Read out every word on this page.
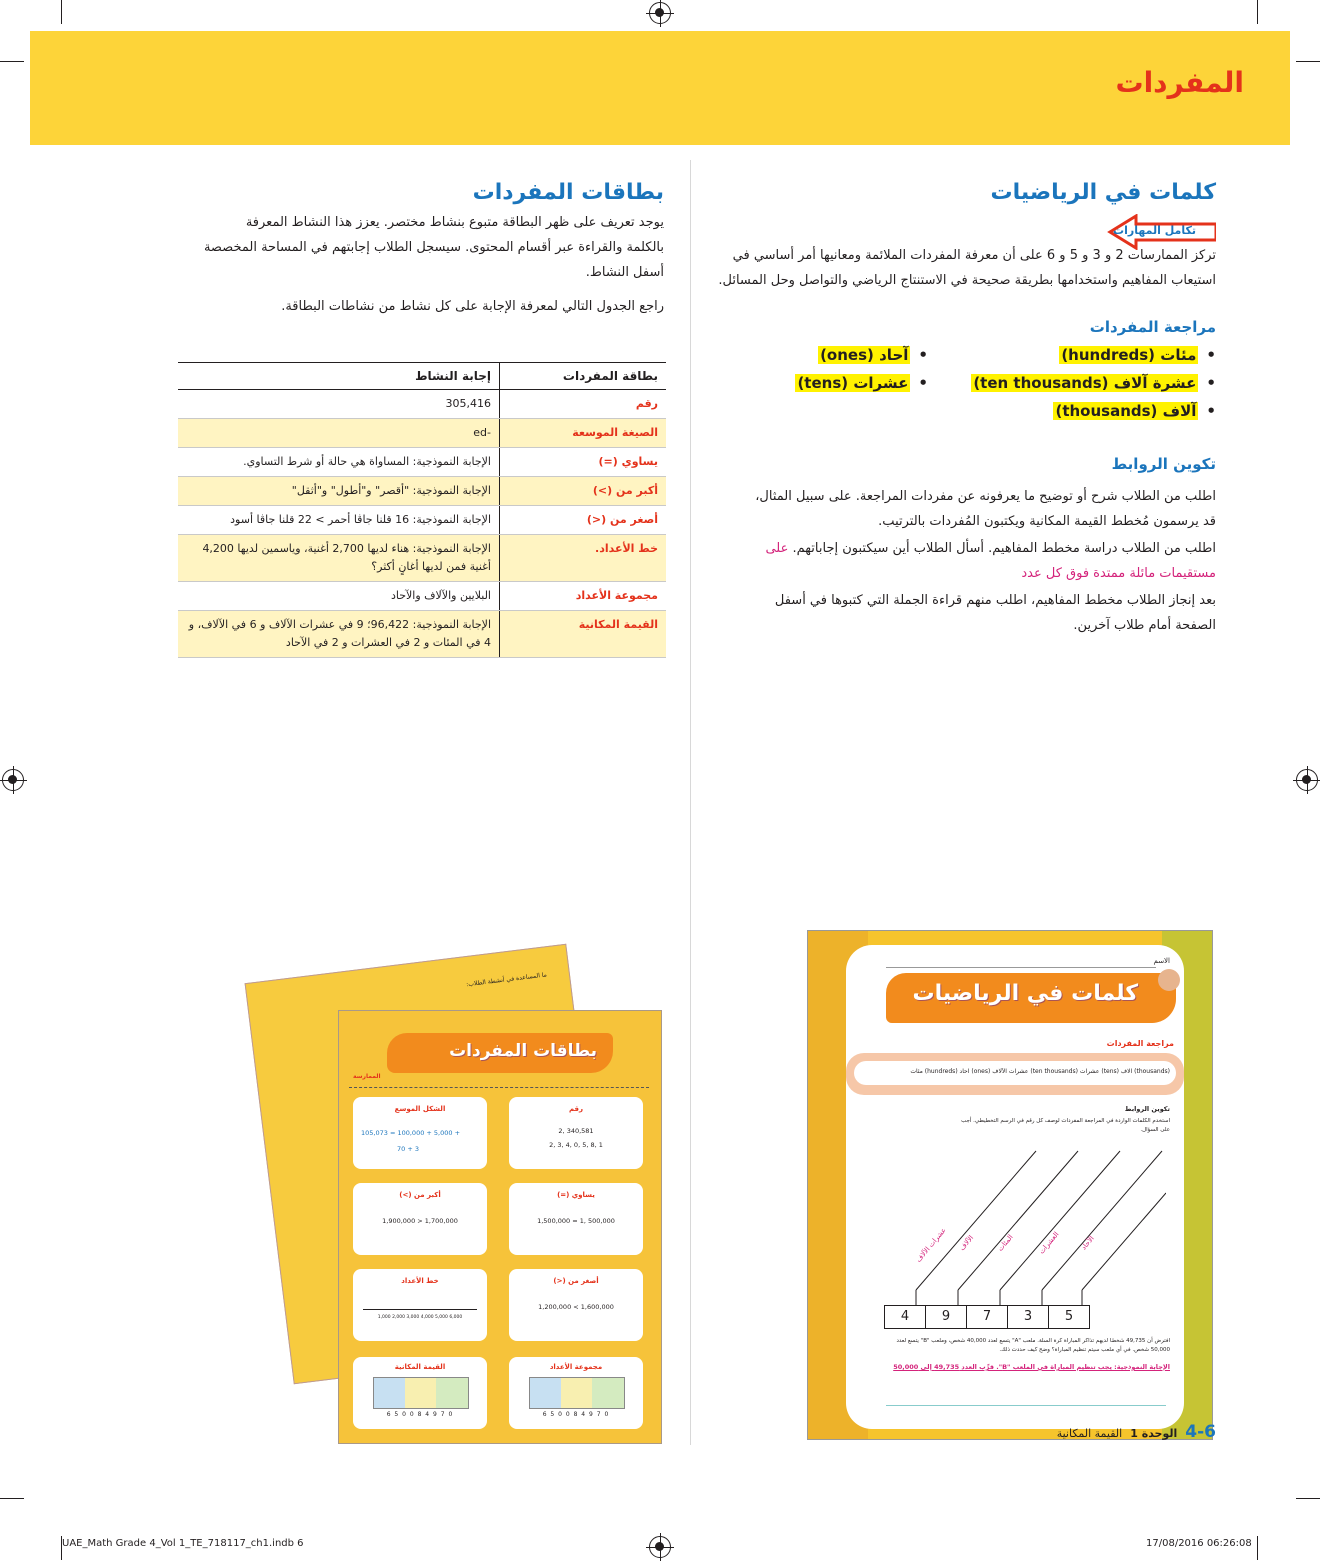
المفردات
كلمات في الرياضيات
تكامل المهارات
تركز الممارسات 2 و 3 و 5 و 6 على أن معرفة المفردات الملائمة ومعانيها أمر أساسي في
استيعاب المفاهيم واستخدامها بطريقة صحيحة في الاستنتاج الرياضي والتواصل وحل المسائل.
مراجعة المفردات
•مئات (hundreds)
•آحاد (ones)
•عشرة آلاف (ten thousands)
•عشرات (tens)
•آلاف (thousands)
تكوين الروابط
اطلب من الطلاب شرح أو توضيح ما يعرفونه عن مفردات المراجعة. على سبيل المثال،
قد يرسمون مُخطط القيمة المكانية ويكتبون المُفردات بالترتيب.
اطلب من الطلاب دراسة مخطط المفاهيم. أسأل الطلاب أين سيكتبون إجاباتهم. على
مستقيمات مائلة ممتدة فوق كل عدد
بعد إنجاز الطلاب مخطط المفاهيم، اطلب منهم قراءة الجملة التي كتبوها في أسفل
الصفحة أمام طلاب آخرين.
بطاقات المفردات
يوجد تعريف على ظهر البطاقة متبوع بنشاط مختصر. يعزز هذا النشاط المعرفة
بالكلمة والقراءة عبر أقسام المحتوى. سيسجل الطلاب إجابتهم في المساحة المخصصة
أسفل النشاط.
راجع الجدول التالي لمعرفة الإجابة على كل نشاط من نشاطات البطاقة.
بطاقة المفردات	إجابة النشاط
رقم	305,416
الصيغة الموسعة	-ed
يساوي (=)	الإجابة النموذجية: المساواة هي حالة أو شرط التساوي.
أكبر من (>)	الإجابة النموذجية: "أقصر" و"أطول" و"أثقل"
أصغر من (<)	الإجابة النموذجية: 16 قلنا جاڤا أحمر > 22 قلنا جاڤا أسود
خط الأعداد.	الإجابة النموذجية: هناء لديها 2,700 أغنية، وياسمين لديها 4,200 أغنية فمن لديها أغانٍ أكثر؟
مجموعة الأعداد	البلايين والآلاف والآحاد
القيمة المكانية	الإجابة النموذجية: 96,422؛ 9 في عشرات الآلاف و 6 في الآلاف، و 4 في المئات و 2 في العشرات و 2 في الآحاد
الاسم
كلمات في الرياضيات
مراجعة المفردات
(thousands) آلاف (tens) عشرات (ten thousands) عشرات الآلاف (ones) آحاد (hundreds) مئات
تكوين الروابط
استخدم الكلمات الواردة في المراجعة المفردات لوصف كل رقم في الرسم التخطيطي. أجب على السؤال.
عشرات الآلاف الآلاف	المئات	العشرات	الآحاد
4	9	7	3	5
افترض أن 49,735 شخصًا لديهم تذاكر المباراة كرة السلة. ملعب "A" يتسع لعدد 40,000 شخص، وملعب "B" يتسع لعدد 50,000 شخص. في أي ملعب سيتم تنظيم المباراة؟ وضح كيف حددت ذلك.
الإجابة النموذجية: يجب تنظيم المباراة في الملعب "B". قرِّب العدد 49,735 إلى 50,000
ما المساعدة في أنشطة الطلاب:
بطاقات المفردات
الممارسة
الشكل الموسع
105,073 = 100,000 + 5,000 +
70 + 3
رقم
2, 340,581
2, 3, 4, 0, 5, 8, 1
أكبر من (>)
1,900,000 > 1,700,000
يساوي (=)
1,500,000 = 1, 500,000
خط الأعداد
1,000 2,000 3,000 4,000 5,000 6,000
أصغر من (<)
1,200,000 < 1,600,000
القيمة المكانية
6 5 0 0 8 4 9 7 0
مجموعة الأعداد
6 5 0 0 8 4 9 7 0
4-6
الوحدة 1
القيمة المكانية
UAE_Math Grade 4_Vol 1_TE_718117_ch1.indb 6	17/08/2016 06:26:08
